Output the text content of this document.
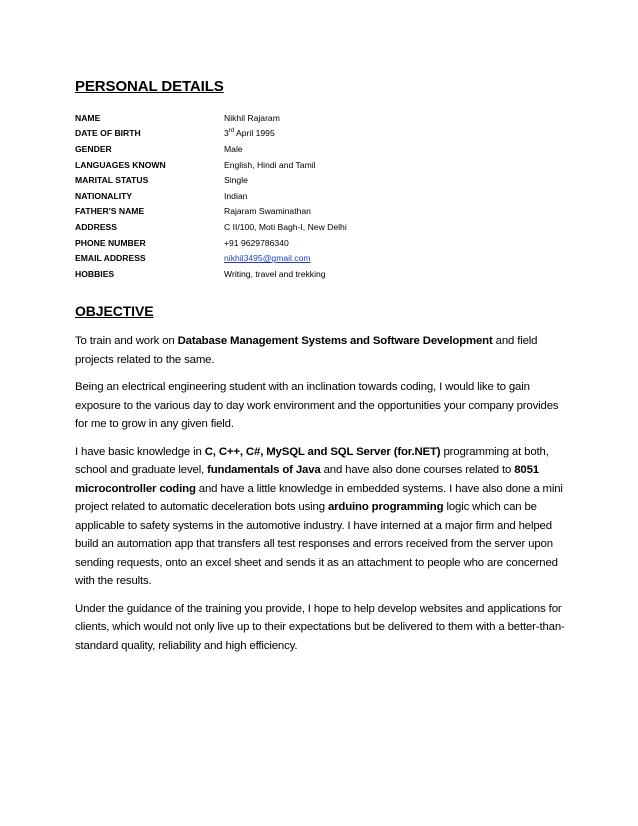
PERSONAL DETAILS
NAME	Nikhil Rajaram
DATE OF BIRTH	3rd April 1995
GENDER	Male
LANGUAGES KNOWN	English, Hindi and Tamil
MARITAL STATUS	Single
NATIONALITY	Indian
FATHER'S NAME	Rajaram Swaminathan
ADDRESS	C II/100, Moti Bagh-I, New Delhi
PHONE NUMBER	+91 9629786340
EMAIL ADDRESS	nikhil3495@gmail.com
HOBBIES	Writing, travel and trekking
OBJECTIVE

To train and work on Database Management Systems and Software Development and field projects related to the same.

Being an electrical engineering student with an inclination towards coding, I would like to gain exposure to the various day to day work environment and the opportunities your company provides for me to grow in any given field.

I have basic knowledge in C, C++, C#, MySQL and SQL Server (for.NET) programming at both, school and graduate level, fundamentals of Java and have also done courses related to 8051 microcontroller coding and have a little knowledge in embedded systems. I have also done a mini project related to automatic deceleration bots using arduino programming logic which can be applicable to safety systems in the automotive industry. I have interned at a major firm and helped build an automation app that transfers all test responses and errors received from the server upon sending requests, onto an excel sheet and sends it as an attachment to people who are concerned with the results.

Under the guidance of the training you provide, I hope to help develop websites and applications for clients, which would not only live up to their expectations but be delivered to them with a better-than-standard quality, reliability and high efficiency.
